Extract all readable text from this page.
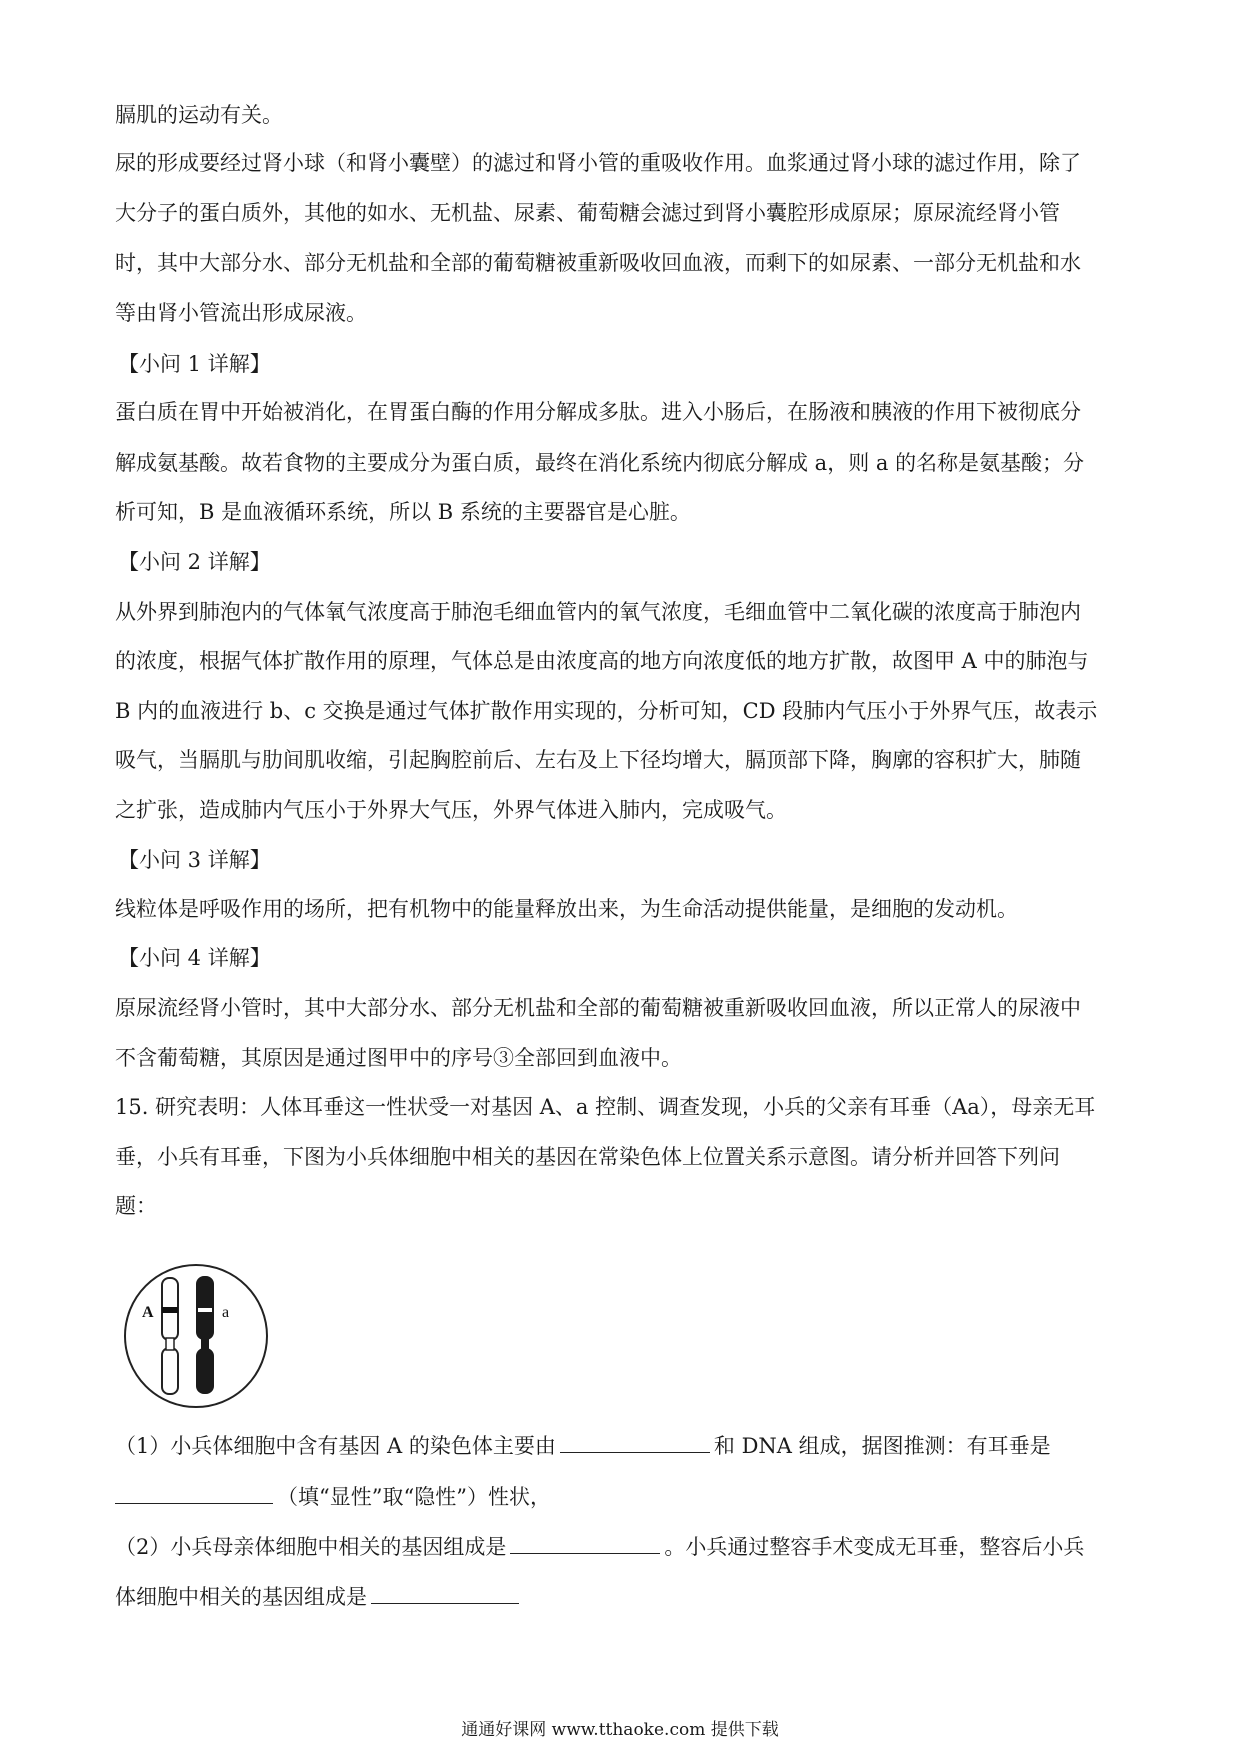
膈肌的运动有关。
尿的形成要经过肾小球（和肾小囊壁）的滤过和肾小管的重吸收作用。血浆通过肾小球的滤过作用，除了
大分子的蛋白质外，其他的如水、无机盐、尿素、葡萄糖会滤过到肾小囊腔形成原尿；原尿流经肾小管
时，其中大部分水、部分无机盐和全部的葡萄糖被重新吸收回血液，而剩下的如尿素、一部分无机盐和水
等由肾小管流出形成尿液。
【小问 1 详解】
蛋白质在胃中开始被消化，在胃蛋白酶的作用分解成多肽。进入小肠后，在肠液和胰液的作用下被彻底分
解成氨基酸。故若食物的主要成分为蛋白质，最终在消化系统内彻底分解成 a，则 a 的名称是氨基酸；分
析可知，B 是血液循环系统，所以 B 系统的主要器官是心脏。
【小问 2 详解】
从外界到肺泡内的气体氧气浓度高于肺泡毛细血管内的氧气浓度，毛细血管中二氧化碳的浓度高于肺泡内
的浓度，根据气体扩散作用的原理，气体总是由浓度高的地方向浓度低的地方扩散，故图甲 A 中的肺泡与
B 内的血液进行 b、c 交换是通过气体扩散作用实现的，分析可知，CD 段肺内气压小于外界气压，故表示
吸气，当膈肌与肋间肌收缩，引起胸腔前后、左右及上下径均增大，膈顶部下降，胸廓的容积扩大，肺随
之扩张，造成肺内气压小于外界大气压，外界气体进入肺内，完成吸气。
【小问 3 详解】
线粒体是呼吸作用的场所，把有机物中的能量释放出来，为生命活动提供能量，是细胞的发动机。
【小问 4 详解】
原尿流经肾小管时，其中大部分水、部分无机盐和全部的葡萄糖被重新吸收回血液，所以正常人的尿液中
不含葡萄糖，其原因是通过图甲中的序号③全部回到血液中。
15. 研究表明：人体耳垂这一性状受一对基因 A、a 控制、调查发现，小兵的父亲有耳垂（Aa），母亲无耳
垂，小兵有耳垂，下图为小兵体细胞中相关的基因在常染色体上位置关系示意图。请分析并回答下列问
题：
A	a
（1）小兵体细胞中含有基因 A 的染色体主要由	和 DNA 组成，据图推测：有耳垂是
（填“显性”取“隐性”）性状，
（2）小兵母亲体细胞中相关的基因组成是	。小兵通过整容手术变成无耳垂，整容后小兵
体细胞中相关的基因组成是
通通好课网 www.tthaoke.com 提供下载
